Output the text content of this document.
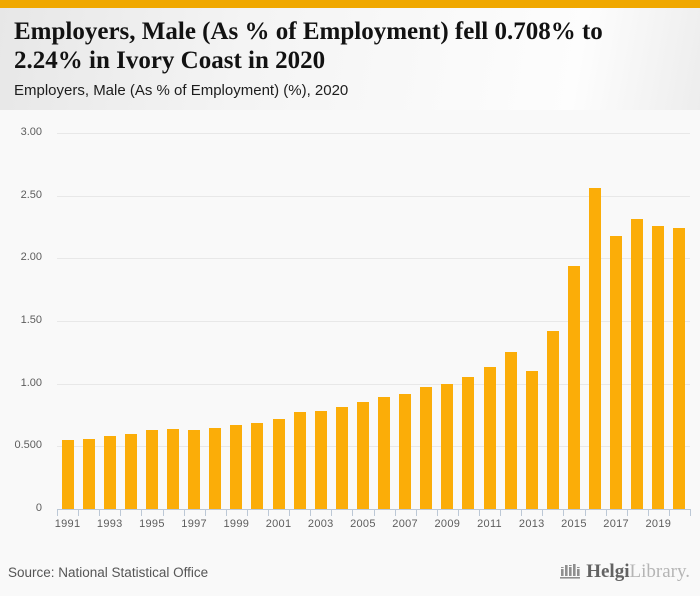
Employers, Male (As % of Employment) fell 0.708% to 2.24% in Ivory Coast in 2020
Employers, Male (As % of Employment) (%), 2020
3.00
2.50
2.00
1.50
1.00
0.500
0
1991	1993	1995	1997	1999	2001	2003	2005	2007	2009	2011	2013	2015	2017	2019
Source: National Statistical Office	HelgiLibrary.
